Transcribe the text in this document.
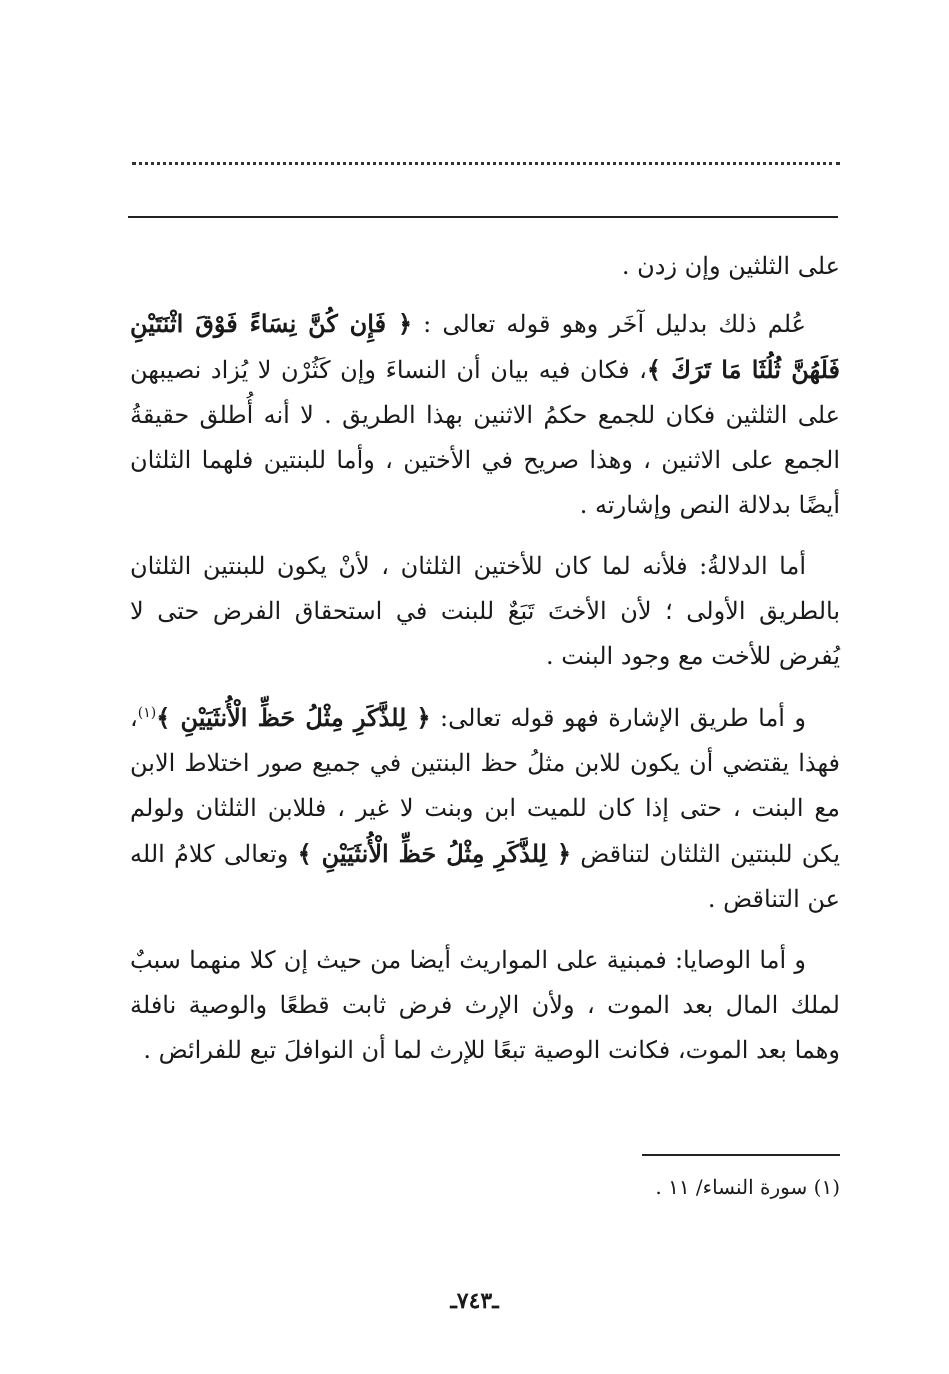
على الثلثين وإن زدن .

عُلم ذلك بدليل آخَر وهو قوله تعالى : ﴿ فَإِن كُنَّ نِسَاءً فَوْقَ اثْنَتَيْنِ فَلَهُنَّ ثُلُثَا مَا تَرَكَ ﴾، فكان فيه بيان أن النساءَ وإن كَثُرْن لا يُزاد نصيبهن على الثلثين فكان للجمع حكمُ الاثنين بهذا الطريق . لا أنه أُطلق حقيقةُ الجمع على الاثنين ، وهذا صريح في الأختين ، وأما للبنتين فلهما الثلثان أيضًا بدلالة النص وإشارته .

أما الدلالةُ: فلأنه لما كان للأختين الثلثان ، لأنْ يكون للبنتين الثلثان بالطريق الأولى ؛ لأن الأختَ تَبَعٌ للبنت في استحقاق الفرض حتى لا يُفرض للأخت مع وجود البنت .

و أما طريق الإشارة فهو قوله تعالى: ﴿ لِلذَّكَرِ مِثْلُ حَظِّ الْأُنثَيَيْنِ ﴾$^{(١)}$، فهذا يقتضي أن يكون للابن مثلُ حظ البنتين في جميع صور اختلاط الابن مع البنت ، حتى إذا كان للميت ابن وبنت لا غير ، فللابن الثلثان ولولم يكن للبنتين الثلثان لتناقض ﴿ لِلذَّكَرِ مِثْلُ حَظِّ الْأُنثَيَيْنِ ﴾ وتعالى كلامُ الله عن التناقض .

و أما الوصايا: فمبنية على المواريث أيضا من حيث إن كلا منهما سببٌ لملك المال بعد الموت ، ولأن الإرث فرض ثابت قطعًا والوصية نافلة وهما بعد الموت، فكانت الوصية تبعًا للإرث لما أن النوافلَ تبع للفرائض .

(١) سورة النساء/ ١١ .
ـ٧٤٣ـ
